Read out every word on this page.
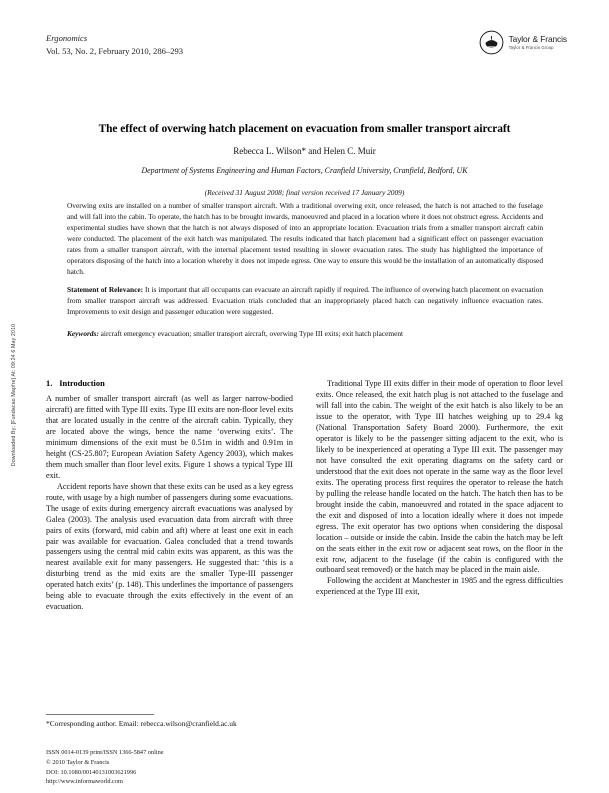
Downloaded By: [Fundacao Mapfre] At: 09:24 6 May 2010
Ergonomics
Vol. 53, No. 2, February 2010, 286–293
Taylor & Francis
Taylor & Francis Group
The effect of overwing hatch placement on evacuation from smaller transport aircraft
Rebecca L. Wilson* and Helen C. Muir
Department of Systems Engineering and Human Factors, Cranfield University, Cranfield, Bedford, UK
(Received 31 August 2008; final version received 17 January 2009)

Overwing exits are installed on a number of smaller transport aircraft. With a traditional overwing exit, once released, the hatch is not attached to the fuselage and will fall into the cabin. To operate, the hatch has to be brought inwards, manoeuvred and placed in a location where it does not obstruct egress. Accidents and experimental studies have shown that the hatch is not always disposed of into an appropriate location. Evacuation trials from a smaller transport aircraft cabin were conducted. The placement of the exit hatch was manipulated. The results indicated that hatch placement had a significant effect on passenger evacuation rates from a smaller transport aircraft, with the internal placement tested resulting in slower evacuation rates. The study has highlighted the importance of operators disposing of the hatch into a location whereby it does not impede egress. One way to ensure this would be the installation of an automatically disposed hatch.

Statement of Relevance: It is important that all occupants can evacuate an aircraft rapidly if required. The influence of overwing hatch placement on evacuation from smaller transport aircraft was addressed. Evacuation trials concluded that an inappropriately placed hatch can negatively influence evacuation rates. Improvements to exit design and passenger education were suggested.

Keywords: aircraft emergency evacuation; smaller transport aircraft, overwing Type III exits; exit hatch placement

1. Introduction

A number of smaller transport aircraft (as well as larger narrow-bodied aircraft) are fitted with Type III exits. Type III exits are non-floor level exits that are located usually in the centre of the aircraft cabin. Typically, they are located above the wings, hence the name ‘overwing exits’. The minimum dimensions of the exit must be 0.51m in width and 0.91m in height (CS-25.807; European Aviation Safety Agency 2003), which makes them much smaller than floor level exits. Figure 1 shows a typical Type III exit.

Accident reports have shown that these exits can be used as a key egress route, with usage by a high number of passengers during some evacuations. The usage of exits during emergency aircraft evacuations was analysed by Galea (2003). The analysis used evacuation data from aircraft with three pairs of exits (forward, mid cabin and aft) where at least one exit in each pair was available for evacuation. Galea concluded that a trend towards passengers using the central mid cabin exits was apparent, as this was the nearest available exit for many passengers. He suggested that: ‘this is a disturbing trend as the mid exits are the smaller Type-III passenger operated hatch exits’ (p. 148). This underlines the importance of passengers being able to evacuate through the exits effectively in the event of an evacuation.

Traditional Type III exits differ in their mode of operation to floor level exits. Once released, the exit hatch plug is not attached to the fuselage and will fall into the cabin. The weight of the exit hatch is also likely to be an issue to the operator, with Type III hatches weighing up to 29.4 kg (National Transportation Safety Board 2000). Furthermore, the exit operator is likely to be the passenger sitting adjacent to the exit, who is likely to be inexperienced at operating a Type III exit. The passenger may not have consulted the exit operating diagrams on the safety card or understood that the exit does not operate in the same way as the floor level exits. The operating process first requires the operator to release the hatch by pulling the release handle located on the hatch. The hatch then has to be brought inside the cabin, manoeuvred and rotated in the space adjacent to the exit and disposed of into a location ideally where it does not impede egress. The exit operator has two options when considering the disposal location – outside or inside the cabin. Inside the cabin the hatch may be left on the seats either in the exit row or adjacent seat rows, on the floor in the exit row, adjacent to the fuselage (if the cabin is configured with the outboard seat removed) or the hatch may be placed in the main aisle.

Following the accident at Manchester in 1985 and the egress difficulties experienced at the Type III exit,

*Corresponding author. Email: rebecca.wilson@cranfield.ac.uk
ISSN 0014-0139 print/ISSN 1366-5847 online
© 2010 Taylor & Francis
DOI: 10.1080/00140131003621996
http://www.informaworld.com
